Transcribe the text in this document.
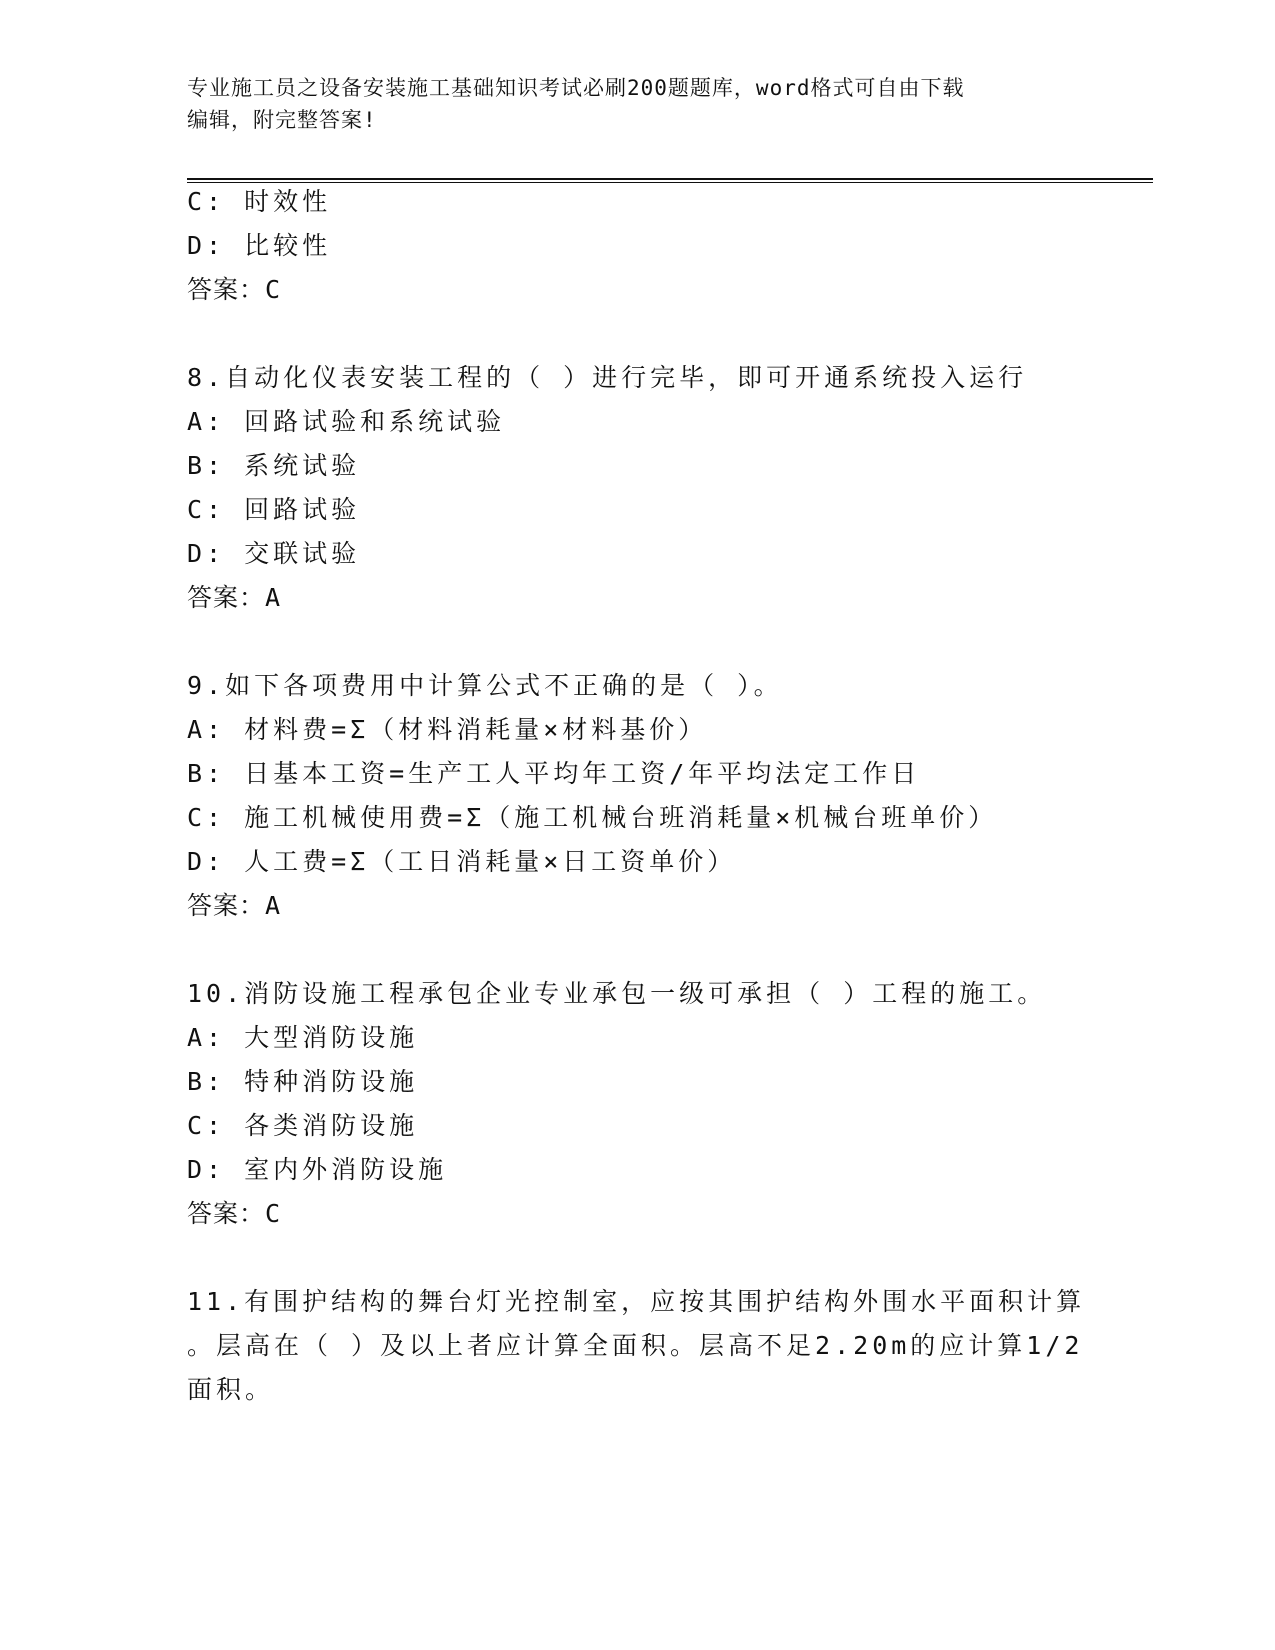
专业施工员之设备安装施工基础知识考试必刷200题题库，word格式可自由下载
编辑，附完整答案!
C: 时效性
D: 比较性
答案：C
8.自动化仪表安装工程的（ ）进行完毕，即可开通系统投入运行
A: 回路试验和系统试验
B: 系统试验
C: 回路试验
D: 交联试验
答案：A
9.如下各项费用中计算公式不正确的是（ ）。
A: 材料费=Σ（材料消耗量×材料基价）
B: 日基本工资=生产工人平均年工资/年平均法定工作日
C: 施工机械使用费=Σ（施工机械台班消耗量×机械台班单价）
D: 人工费=Σ（工日消耗量×日工资单价）
答案：A
10.消防设施工程承包企业专业承包一级可承担（ ）工程的施工。
A: 大型消防设施
B: 特种消防设施
C: 各类消防设施
D: 室内外消防设施
答案：C
11.有围护结构的舞台灯光控制室，应按其围护结构外围水平面积计算
。层高在（ ）及以上者应计算全面积。层高不足2.20m的应计算1/2
面积。
